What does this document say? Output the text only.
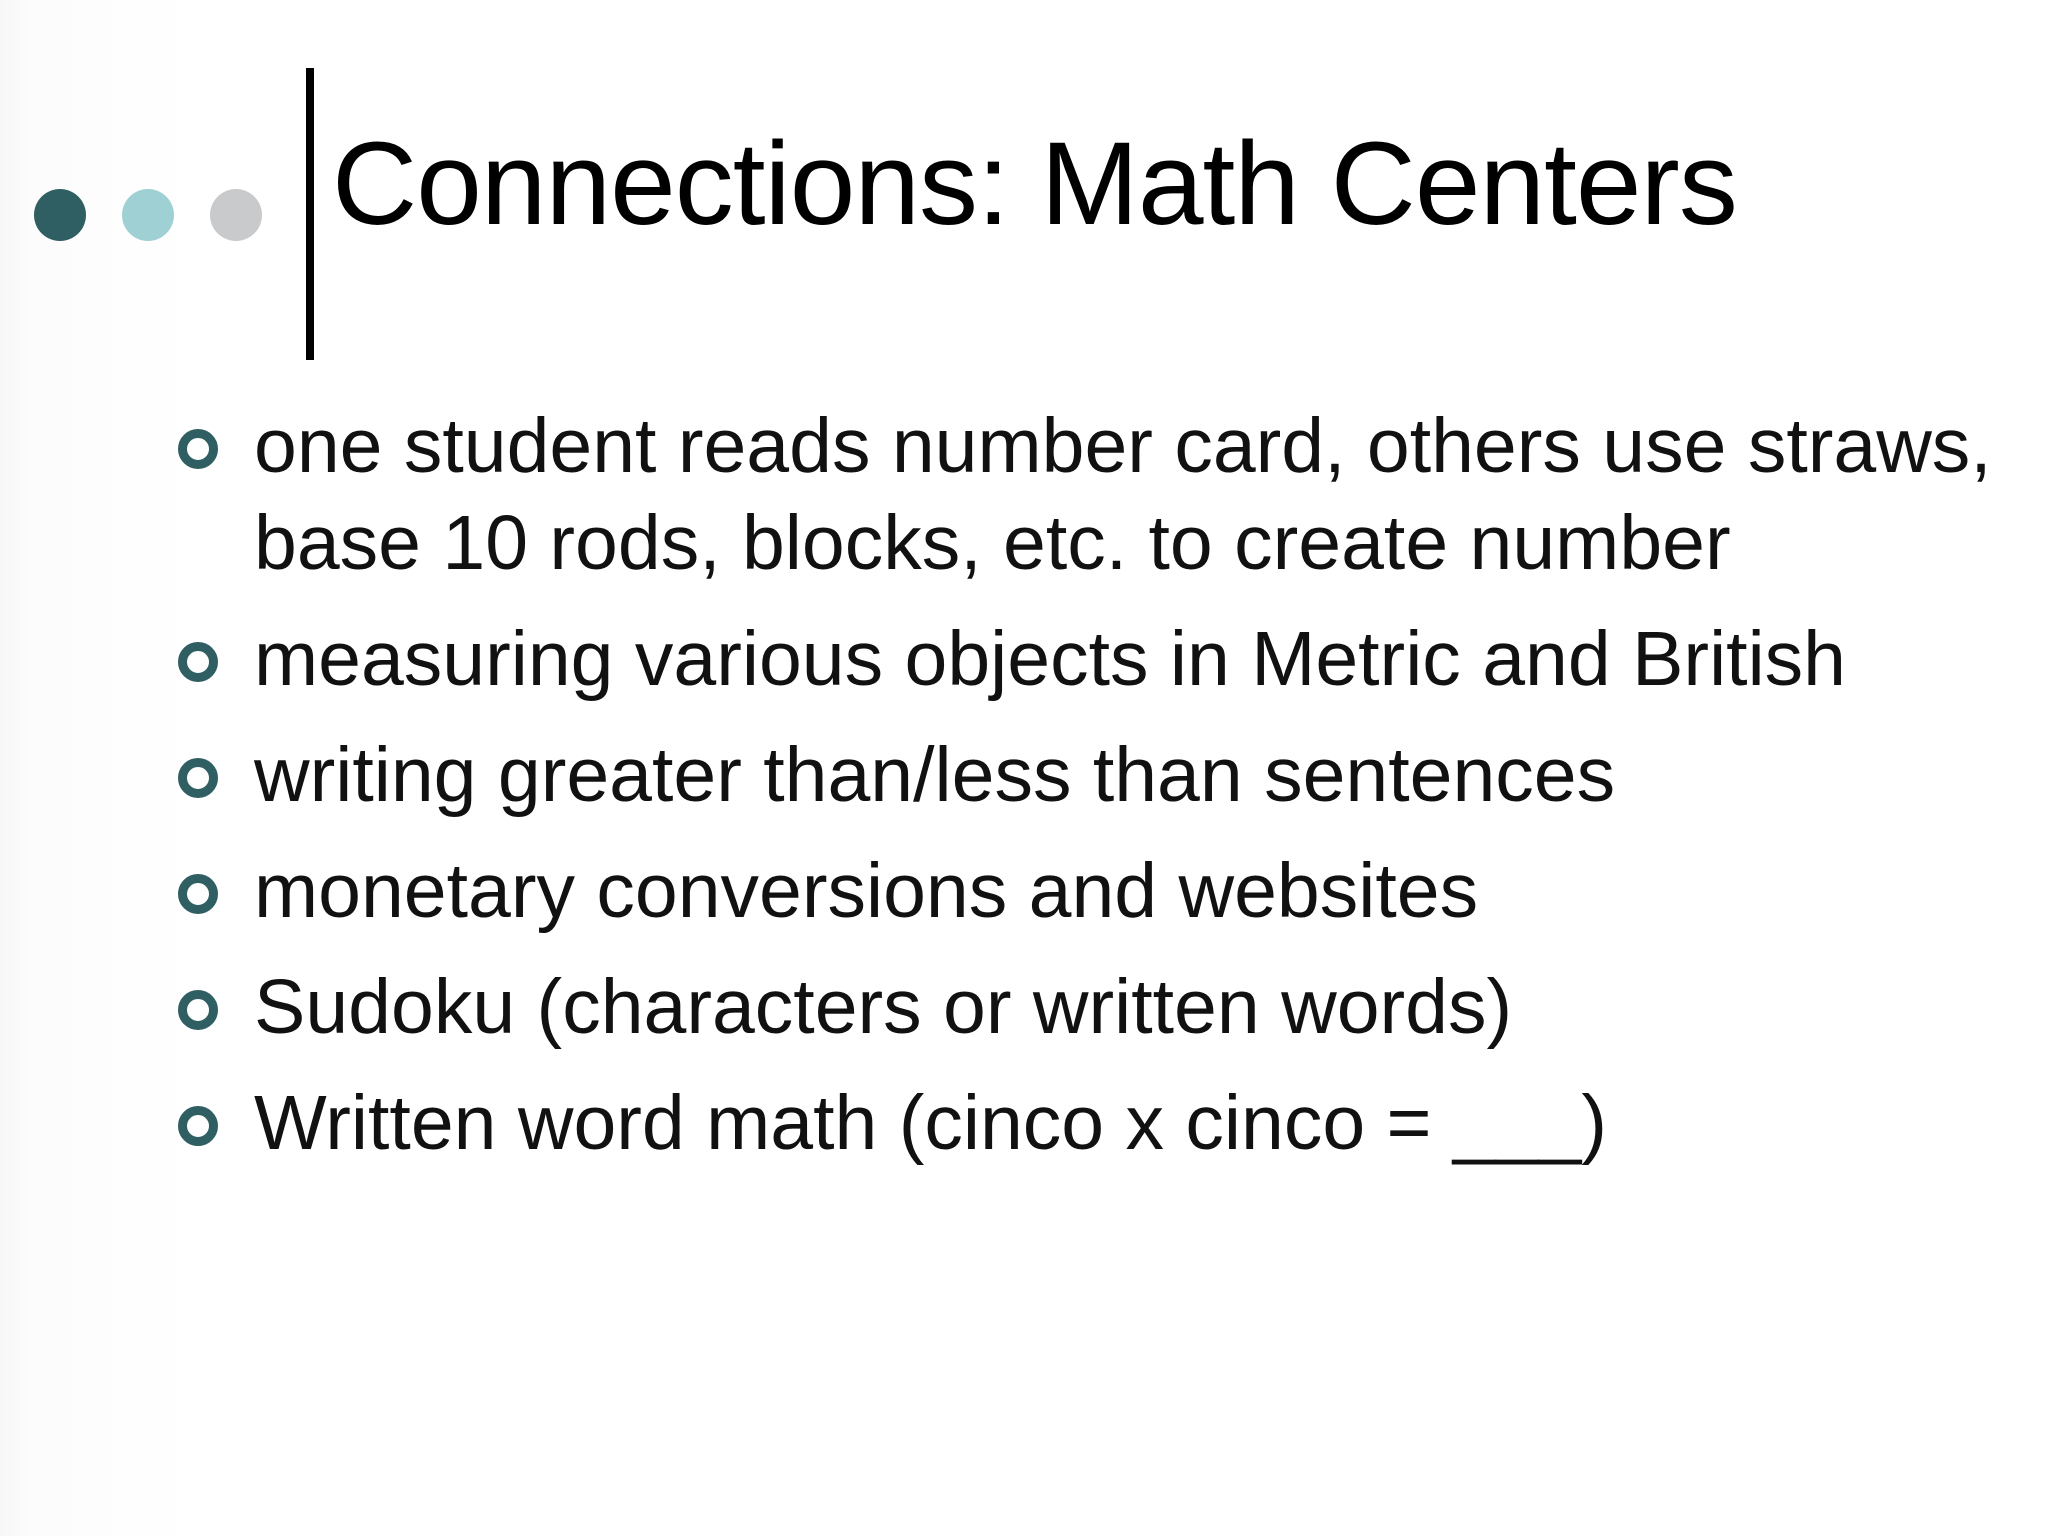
Connections: Math Centers
one student reads number card, others use straws, base 10 rods, blocks, etc. to create number
measuring various objects in Metric and British
writing greater than/less than sentences
monetary conversions and websites
Sudoku (characters or written words)
Written word math (cinco x cinco = ___)
